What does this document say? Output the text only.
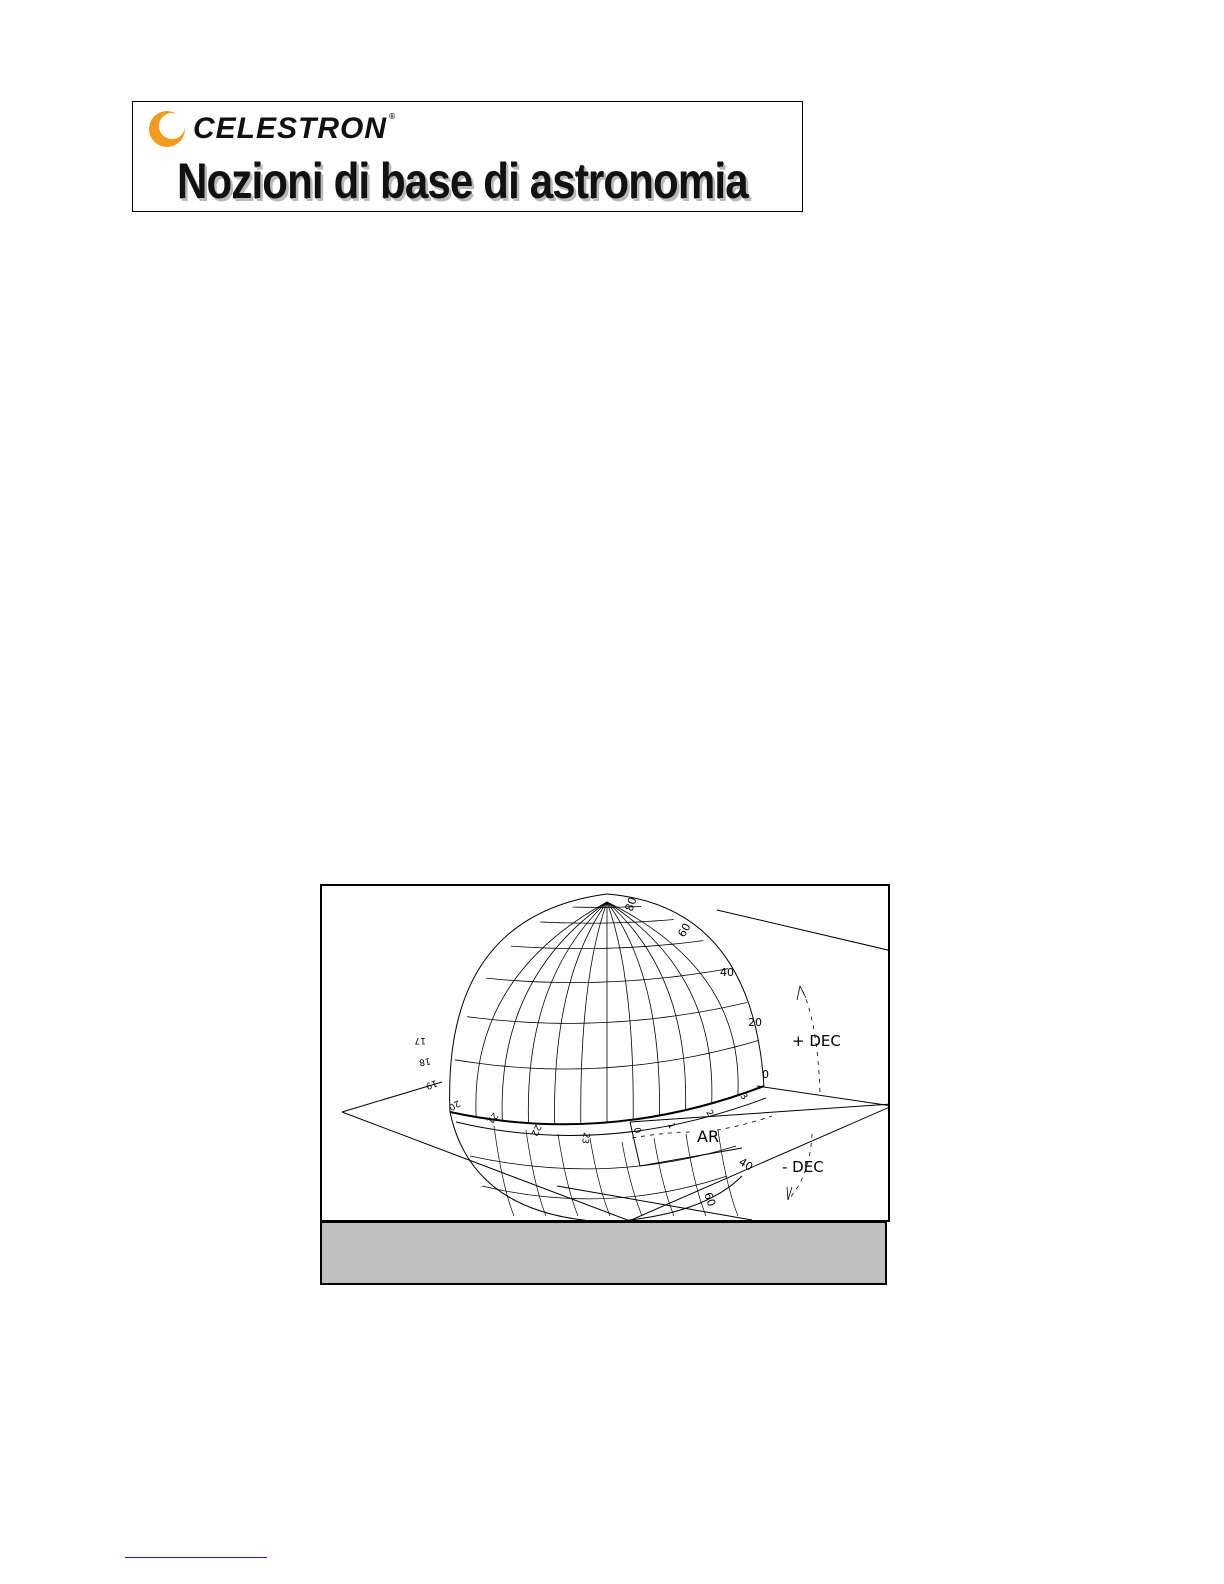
CELESTRON ®
Nozioni di base di astronomia
+ DEC
- DEC
AR
80
60
40
20
0
40
60
17
18
19
20
21
22
23
0
1
2
3
